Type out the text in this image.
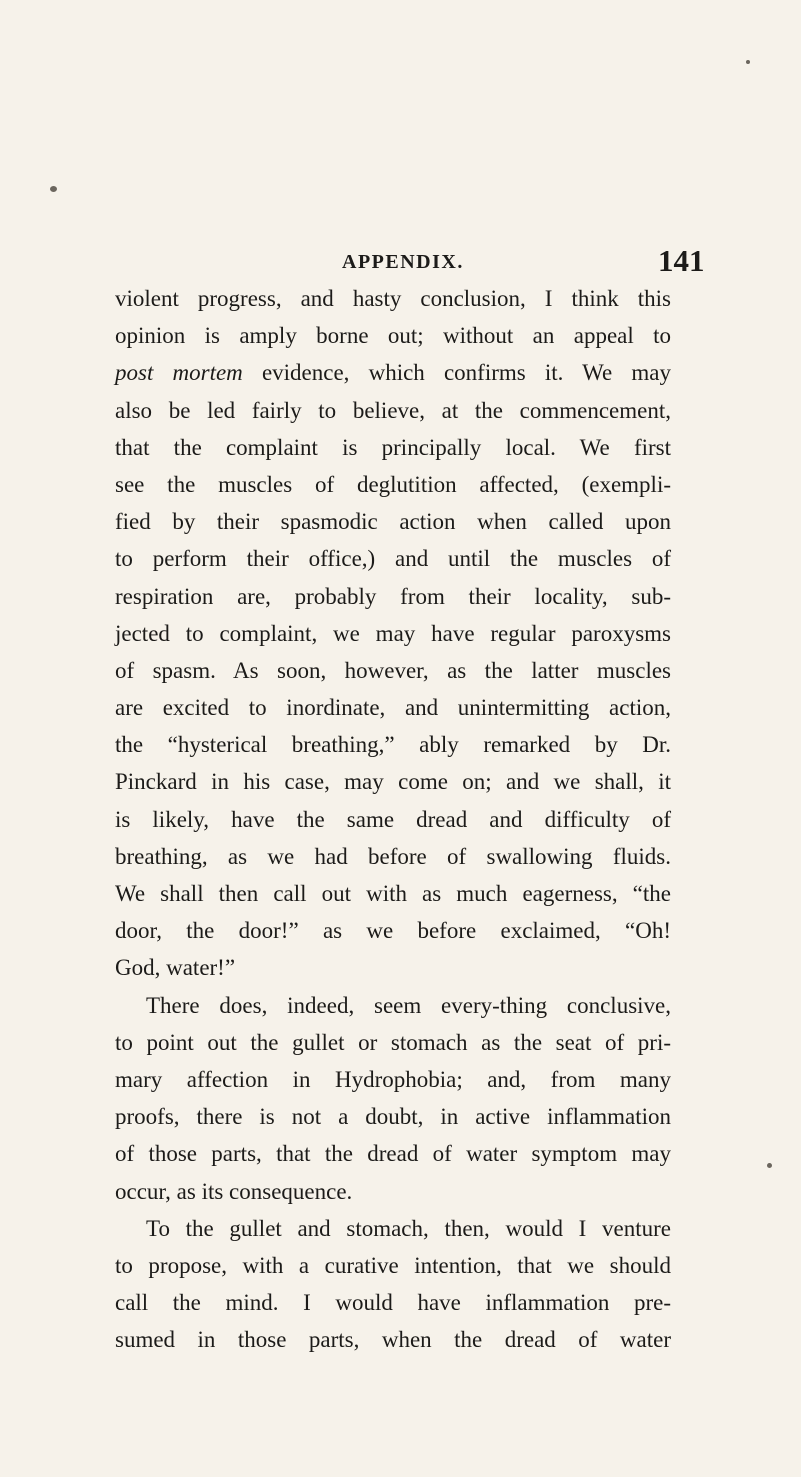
APPENDIX.	141
violent progress, and hasty conclusion, I think this
opinion is amply borne out; without an appeal to
post mortem evidence, which confirms it. We may
also be led fairly to believe, at the commencement,
that the complaint is principally local. We first
see the muscles of deglutition affected, (exempli-
fied by their spasmodic action when called upon
to perform their office,) and until the muscles of
respiration are, probably from their locality, sub-
jected to complaint, we may have regular paroxysms
of spasm. As soon, however, as the latter muscles
are excited to inordinate, and unintermitting action,
the “hysterical breathing,” ably remarked by Dr.
Pinckard in his case, may come on; and we shall, it
is likely, have the same dread and difficulty of
breathing, as we had before of swallowing fluids.
We shall then call out with as much eagerness, “the
door, the door!” as we before exclaimed, “Oh!
God, water!”
There does, indeed, seem every-thing conclusive,
to point out the gullet or stomach as the seat of pri-
mary affection in Hydrophobia; and, from many
proofs, there is not a doubt, in active inflammation
of those parts, that the dread of water symptom may
occur, as its consequence.
To the gullet and stomach, then, would I venture
to propose, with a curative intention, that we should
call the mind. I would have inflammation pre-
sumed in those parts, when the dread of water
